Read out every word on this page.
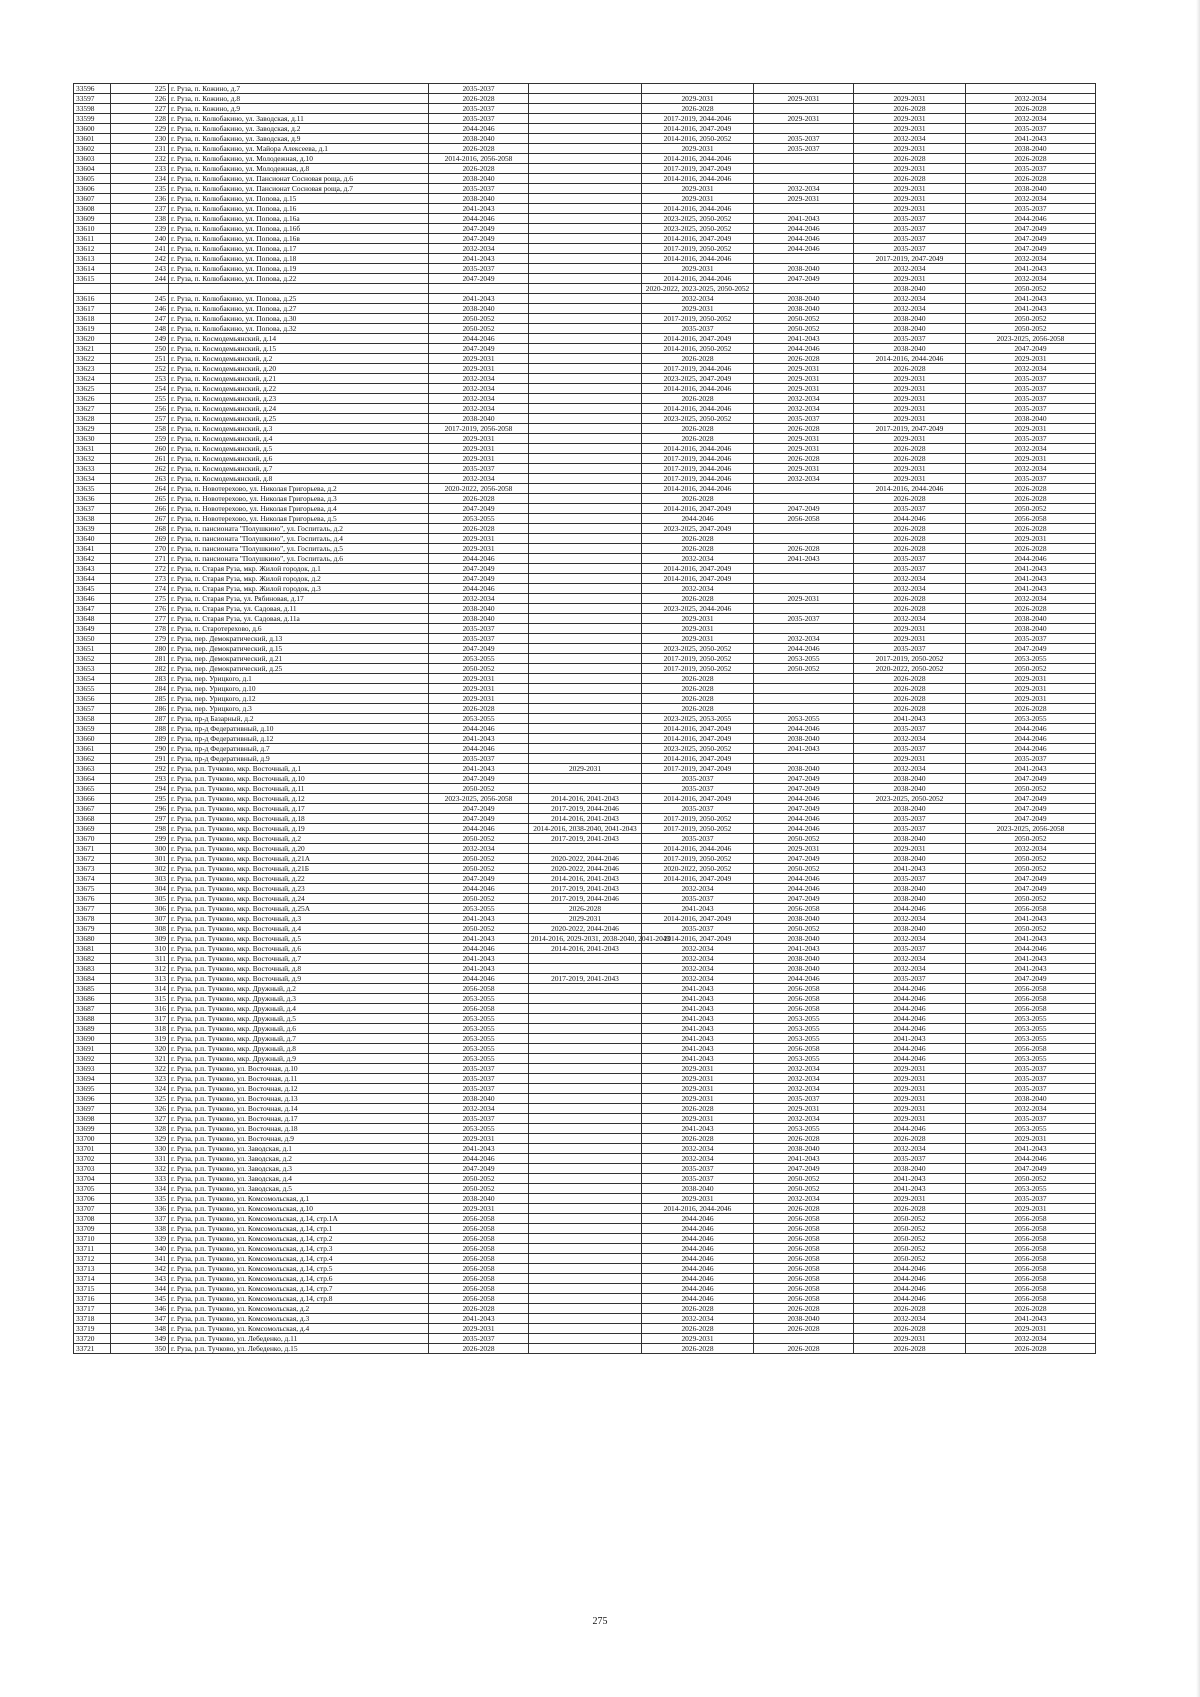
33596	225	г. Руза, п. Кожино, д.7	2035-2037					
33597	226	г. Руза, п. Кожино, д.8	2026-2028		2029-2031	2029-2031	2029-2031	2032-2034
33598	227	г. Руза, п. Кожино, д.9	2035-2037		2026-2028		2026-2028	2026-2028
33599	228	г. Руза, п. Колюбакино, ул. Заводская, д.11	2035-2037		2017-2019, 2044-2046	2029-2031	2029-2031	2032-2034
33600	229	г. Руза, п. Колюбакино, ул. Заводская, д.2	2044-2046		2014-2016, 2047-2049		2029-2031	2035-2037
33601	230	г. Руза, п. Колюбакино, ул. Заводская, д.9	2038-2040		2014-2016, 2050-2052	2035-2037	2032-2034	2041-2043
33602	231	г. Руза, п. Колюбакино, ул. Майора Алексеева, д.1	2026-2028		2029-2031	2035-2037	2029-2031	2038-2040
33603	232	г. Руза, п. Колюбакино, ул. Молодежная, д.10	2014-2016, 2056-2058		2014-2016, 2044-2046		2026-2028	2026-2028
33604	233	г. Руза, п. Колюбакино, ул. Молодежная, д.8	2026-2028		2017-2019, 2047-2049		2029-2031	2035-2037
33605	234	г. Руза, п. Колюбакино, ул. Пансионат Сосновая роща, д.6	2038-2040		2014-2016, 2044-2046		2026-2028	2026-2028
33606	235	г. Руза, п. Колюбакино, ул. Пансионат Сосновая роща, д.7	2035-2037		2029-2031	2032-2034	2029-2031	2038-2040
33607	236	г. Руза, п. Колюбакино, ул. Попова, д.15	2038-2040		2029-2031	2029-2031	2029-2031	2032-2034
33608	237	г. Руза, п. Колюбакино, ул. Попова, д.16	2041-2043		2014-2016, 2044-2046		2029-2031	2035-2037
33609	238	г. Руза, п. Колюбакино, ул. Попова, д.16а	2044-2046		2023-2025, 2050-2052	2041-2043	2035-2037	2044-2046
33610	239	г. Руза, п. Колюбакино, ул. Попова, д.16б	2047-2049		2023-2025, 2050-2052	2044-2046	2035-2037	2047-2049
33611	240	г. Руза, п. Колюбакино, ул. Попова, д.16в	2047-2049		2014-2016, 2047-2049	2044-2046	2035-2037	2047-2049
33612	241	г. Руза, п. Колюбакино, ул. Попова, д.17	2032-2034		2017-2019, 2050-2052	2044-2046	2035-2037	2047-2049
33613	242	г. Руза, п. Колюбакино, ул. Попова, д.18	2041-2043		2014-2016, 2044-2046		2017-2019, 2047-2049	2032-2034
33614	243	г. Руза, п. Колюбакино, ул. Попова, д.19	2035-2037		2029-2031	2038-2040	2032-2034	2041-2043
33615	244	г. Руза, п. Колюбакино, ул. Попова, д.22	2047-2049		2014-2016, 2044-2046	2047-2049	2029-2031	2032-2034
					2020-2022, 2023-2025, 2050-2052		2038-2040	2050-2052
33616	245	г. Руза, п. Колюбакино, ул. Попова, д.25	2041-2043		2032-2034	2038-2040	2032-2034	2041-2043
33617	246	г. Руза, п. Колюбакино, ул. Попова, д.27	2038-2040		2029-2031	2038-2040	2032-2034	2041-2043
33618	247	г. Руза, п. Колюбакино, ул. Попова, д.30	2050-2052		2017-2019, 2050-2052	2050-2052	2038-2040	2050-2052
33619	248	г. Руза, п. Колюбакино, ул. Попова, д.32	2050-2052		2035-2037	2050-2052	2038-2040	2050-2052
33620	249	г. Руза, п. Космодемьянский, д.14	2044-2046		2014-2016, 2047-2049	2041-2043	2035-2037	2023-2025, 2056-2058
33621	250	г. Руза, п. Космодемьянский, д.15	2047-2049		2014-2016, 2050-2052	2044-2046	2038-2040	2047-2049
33622	251	г. Руза, п. Космодемьянский, д.2	2029-2031		2026-2028	2026-2028	2014-2016, 2044-2046	2029-2031
33623	252	г. Руза, п. Космодемьянский, д.20	2029-2031		2017-2019, 2044-2046	2029-2031	2026-2028	2032-2034
33624	253	г. Руза, п. Космодемьянский, д.21	2032-2034		2023-2025, 2047-2049	2029-2031	2029-2031	2035-2037
33625	254	г. Руза, п. Космодемьянский, д.22	2032-2034		2014-2016, 2044-2046	2029-2031	2029-2031	2035-2037
33626	255	г. Руза, п. Космодемьянский, д.23	2032-2034		2026-2028	2032-2034	2029-2031	2035-2037
33627	256	г. Руза, п. Космодемьянский, д.24	2032-2034		2014-2016, 2044-2046	2032-2034	2029-2031	2035-2037
33628	257	г. Руза, п. Космодемьянский, д.25	2038-2040		2023-2025, 2050-2052	2035-2037	2029-2031	2038-2040
33629	258	г. Руза, п. Космодемьянский, д.3	2017-2019, 2056-2058		2026-2028	2026-2028	2017-2019, 2047-2049	2029-2031
33630	259	г. Руза, п. Космодемьянский, д.4	2029-2031		2026-2028	2029-2031	2029-2031	2035-2037
33631	260	г. Руза, п. Космодемьянский, д.5	2029-2031		2014-2016, 2044-2046	2029-2031	2026-2028	2032-2034
33632	261	г. Руза, п. Космодемьянский, д.6	2029-2031		2017-2019, 2044-2046	2026-2028	2026-2028	2029-2031
33633	262	г. Руза, п. Космодемьянский, д.7	2035-2037		2017-2019, 2044-2046	2029-2031	2029-2031	2032-2034
33634	263	г. Руза, п. Космодемьянский, д.8	2032-2034		2017-2019, 2044-2046	2032-2034	2029-2031	2035-2037
33635	264	г. Руза, п. Новотерехово, ул. Николая Григорьева, д.2	2020-2022, 2056-2058		2014-2016, 2044-2046		2014-2016, 2044-2046	2026-2028
33636	265	г. Руза, п. Новотерехово, ул. Николая Григорьева, д.3	2026-2028		2026-2028		2026-2028	2026-2028
33637	266	г. Руза, п. Новотерехово, ул. Николая Григорьева, д.4	2047-2049		2014-2016, 2047-2049	2047-2049	2035-2037	2050-2052
33638	267	г. Руза, п. Новотерехово, ул. Николая Григорьева, д.5	2053-2055		2044-2046	2056-2058	2044-2046	2056-2058
33639	268	г. Руза, п. пансионата "Полушкино", ул. Госпиталь, д.2	2026-2028		2023-2025, 2047-2049		2026-2028	2026-2028
33640	269	г. Руза, п. пансионата "Полушкино", ул. Госпиталь, д.4	2029-2031		2026-2028		2026-2028	2029-2031
33641	270	г. Руза, п. пансионата "Полушкино", ул. Госпиталь, д.5	2029-2031		2026-2028	2026-2028	2026-2028	2026-2028
33642	271	г. Руза, п. пансионата "Полушкино", ул. Госпиталь, д.6	2044-2046		2032-2034	2041-2043	2035-2037	2044-2046
33643	272	г. Руза, п. Старая Руза, мкр. Жилой городок, д.1	2047-2049		2014-2016, 2047-2049		2035-2037	2041-2043
33644	273	г. Руза, п. Старая Руза, мкр. Жилой городок, д.2	2047-2049		2014-2016, 2047-2049		2032-2034	2041-2043
33645	274	г. Руза, п. Старая Руза, мкр. Жилой городок, д.3	2044-2046		2032-2034		2032-2034	2041-2043
33646	275	г. Руза, п. Старая Руза, ул. Рябиновая, д.17	2032-2034		2026-2028	2029-2031	2026-2028	2032-2034
33647	276	г. Руза, п. Старая Руза, ул. Садовая, д.11	2038-2040		2023-2025, 2044-2046		2026-2028	2026-2028
33648	277	г. Руза, п. Старая Руза, ул. Садовая, д.11а	2038-2040		2029-2031	2035-2037	2032-2034	2038-2040
33649	278	г. Руза, п. Старотерехово, д.6	2035-2037		2029-2031		2029-2031	2038-2040
33650	279	г. Руза, пер. Демократический, д.13	2035-2037		2029-2031	2032-2034	2029-2031	2035-2037
33651	280	г. Руза, пер. Демократический, д.15	2047-2049		2023-2025, 2050-2052	2044-2046	2035-2037	2047-2049
33652	281	г. Руза, пер. Демократический, д.21	2053-2055		2017-2019, 2050-2052	2053-2055	2017-2019, 2050-2052	2053-2055
33653	282	г. Руза, пер. Демократический, д.25	2050-2052		2017-2019, 2050-2052	2050-2052	2020-2022, 2050-2052	2050-2052
33654	283	г. Руза, пер. Урицкого, д.1	2029-2031		2026-2028		2026-2028	2029-2031
33655	284	г. Руза, пер. Урицкого, д.10	2029-2031		2026-2028		2026-2028	2029-2031
33656	285	г. Руза, пер. Урицкого, д.12	2029-2031		2026-2028		2026-2028	2029-2031
33657	286	г. Руза, пер. Урицкого, д.3	2026-2028		2026-2028		2026-2028	2026-2028
33658	287	г. Руза, пр-д Базарный, д.2	2053-2055		2023-2025, 2053-2055	2053-2055	2041-2043	2053-2055
33659	288	г. Руза, пр-д Федеративный, д.10	2044-2046		2014-2016, 2047-2049	2044-2046	2035-2037	2044-2046
33660	289	г. Руза, пр-д Федеративный, д.12	2041-2043		2014-2016, 2047-2049	2038-2040	2032-2034	2044-2046
33661	290	г. Руза, пр-д Федеративный, д.7	2044-2046		2023-2025, 2050-2052	2041-2043	2035-2037	2044-2046
33662	291	г. Руза, пр-д Федеративный, д.9	2035-2037		2014-2016, 2047-2049		2029-2031	2035-2037
33663	292	г. Руза, р.п. Тучково, мкр. Восточный, д.1	2041-2043	2029-2031	2017-2019, 2047-2049	2038-2040	2032-2034	2041-2043
33664	293	г. Руза, р.п. Тучково, мкр. Восточный, д.10	2047-2049		2035-2037	2047-2049	2038-2040	2047-2049
33665	294	г. Руза, р.п. Тучково, мкр. Восточный, д.11	2050-2052		2035-2037	2047-2049	2038-2040	2050-2052
33666	295	г. Руза, р.п. Тучково, мкр. Восточный, д.12	2023-2025, 2056-2058	2014-2016, 2041-2043	2014-2016, 2047-2049	2044-2046	2023-2025, 2050-2052	2047-2049
33667	296	г. Руза, р.п. Тучково, мкр. Восточный, д.17	2047-2049	2017-2019, 2044-2046	2035-2037	2047-2049	2038-2040	2047-2049
33668	297	г. Руза, р.п. Тучково, мкр. Восточный, д.18	2047-2049	2014-2016, 2041-2043	2017-2019, 2050-2052	2044-2046	2035-2037	2047-2049
33669	298	г. Руза, р.п. Тучково, мкр. Восточный, д.19	2044-2046	2014-2016, 2038-2040, 2041-2043	2017-2019, 2050-2052	2044-2046	2035-2037	2023-2025, 2056-2058
33670	299	г. Руза, р.п. Тучково, мкр. Восточный, д.2	2050-2052	2017-2019, 2041-2043	2035-2037	2050-2052	2038-2040	2050-2052
33671	300	г. Руза, р.п. Тучково, мкр. Восточный, д.20	2032-2034		2014-2016, 2044-2046	2029-2031	2029-2031	2032-2034
33672	301	г. Руза, р.п. Тучково, мкр. Восточный, д.21А	2050-2052	2020-2022, 2044-2046	2017-2019, 2050-2052	2047-2049	2038-2040	2050-2052
33673	302	г. Руза, р.п. Тучково, мкр. Восточный, д.21Б	2050-2052	2020-2022, 2044-2046	2020-2022, 2050-2052	2050-2052	2041-2043	2050-2052
33674	303	г. Руза, р.п. Тучково, мкр. Восточный, д.22	2047-2049	2014-2016, 2041-2043	2014-2016, 2047-2049	2044-2046	2035-2037	2047-2049
33675	304	г. Руза, р.п. Тучково, мкр. Восточный, д.23	2044-2046	2017-2019, 2041-2043	2032-2034	2044-2046	2038-2040	2047-2049
33676	305	г. Руза, р.п. Тучково, мкр. Восточный, д.24	2050-2052	2017-2019, 2044-2046	2035-2037	2047-2049	2038-2040	2050-2052
33677	306	г. Руза, р.п. Тучково, мкр. Восточный, д.25А	2053-2055	2026-2028	2041-2043	2056-2058	2044-2046	2056-2058
33678	307	г. Руза, р.п. Тучково, мкр. Восточный, д.3	2041-2043	2029-2031	2014-2016, 2047-2049	2038-2040	2032-2034	2041-2043
33679	308	г. Руза, р.п. Тучково, мкр. Восточный, д.4	2050-2052	2020-2022, 2044-2046	2035-2037	2050-2052	2038-2040	2050-2052
33680	309	г. Руза, р.п. Тучково, мкр. Восточный, д.5	2041-2043	2014-2016, 2029-2031, 2038-2040, 2041-2043	2014-2016, 2047-2049	2038-2040	2032-2034	2041-2043
33681	310	г. Руза, р.п. Тучково, мкр. Восточный, д.6	2044-2046	2014-2016, 2041-2043	2032-2034	2041-2043	2035-2037	2044-2046
33682	311	г. Руза, р.п. Тучково, мкр. Восточный, д.7	2041-2043		2032-2034	2038-2040	2032-2034	2041-2043
33683	312	г. Руза, р.п. Тучково, мкр. Восточный, д.8	2041-2043		2032-2034	2038-2040	2032-2034	2041-2043
33684	313	г. Руза, р.п. Тучково, мкр. Восточный, д.9	2044-2046	2017-2019, 2041-2043	2032-2034	2044-2046	2035-2037	2047-2049
33685	314	г. Руза, р.п. Тучково, мкр. Дружный, д.2	2056-2058		2041-2043	2056-2058	2044-2046	2056-2058
33686	315	г. Руза, р.п. Тучково, мкр. Дружный, д.3	2053-2055		2041-2043	2056-2058	2044-2046	2056-2058
33687	316	г. Руза, р.п. Тучково, мкр. Дружный, д.4	2056-2058		2041-2043	2056-2058	2044-2046	2056-2058
33688	317	г. Руза, р.п. Тучково, мкр. Дружный, д.5	2053-2055		2041-2043	2053-2055	2044-2046	2053-2055
33689	318	г. Руза, р.п. Тучково, мкр. Дружный, д.6	2053-2055		2041-2043	2053-2055	2044-2046	2053-2055
33690	319	г. Руза, р.п. Тучково, мкр. Дружный, д.7	2053-2055		2041-2043	2053-2055	2041-2043	2053-2055
33691	320	г. Руза, р.п. Тучково, мкр. Дружный, д.8	2053-2055		2041-2043	2056-2058	2044-2046	2056-2058
33692	321	г. Руза, р.п. Тучково, мкр. Дружный, д.9	2053-2055		2041-2043	2053-2055	2044-2046	2053-2055
33693	322	г. Руза, р.п. Тучково, ул. Восточная, д.10	2035-2037		2029-2031	2032-2034	2029-2031	2035-2037
33694	323	г. Руза, р.п. Тучково, ул. Восточная, д.11	2035-2037		2029-2031	2032-2034	2029-2031	2035-2037
33695	324	г. Руза, р.п. Тучково, ул. Восточная, д.12	2035-2037		2029-2031	2032-2034	2029-2031	2035-2037
33696	325	г. Руза, р.п. Тучково, ул. Восточная, д.13	2038-2040		2029-2031	2035-2037	2029-2031	2038-2040
33697	326	г. Руза, р.п. Тучково, ул. Восточная, д.14	2032-2034		2026-2028	2029-2031	2029-2031	2032-2034
33698	327	г. Руза, р.п. Тучково, ул. Восточная, д.17	2035-2037		2029-2031	2032-2034	2029-2031	2035-2037
33699	328	г. Руза, р.п. Тучково, ул. Восточная, д.18	2053-2055		2041-2043	2053-2055	2044-2046	2053-2055
33700	329	г. Руза, р.п. Тучково, ул. Восточная, д.9	2029-2031		2026-2028	2026-2028	2026-2028	2029-2031
33701	330	г. Руза, р.п. Тучково, ул. Заводская, д.1	2041-2043		2032-2034	2038-2040	2032-2034	2041-2043
33702	331	г. Руза, р.п. Тучково, ул. Заводская, д.2	2044-2046		2032-2034	2041-2043	2035-2037	2044-2046
33703	332	г. Руза, р.п. Тучково, ул. Заводская, д.3	2047-2049		2035-2037	2047-2049	2038-2040	2047-2049
33704	333	г. Руза, р.п. Тучково, ул. Заводская, д.4	2050-2052		2035-2037	2050-2052	2041-2043	2050-2052
33705	334	г. Руза, р.п. Тучково, ул. Заводская, д.5	2050-2052		2038-2040	2050-2052	2041-2043	2053-2055
33706	335	г. Руза, р.п. Тучково, ул. Комсомольская, д.1	2038-2040		2029-2031	2032-2034	2029-2031	2035-2037
33707	336	г. Руза, р.п. Тучково, ул. Комсомольская, д.10	2029-2031		2014-2016, 2044-2046	2026-2028	2026-2028	2029-2031
33708	337	г. Руза, р.п. Тучково, ул. Комсомольская, д.14, стр.1А	2056-2058		2044-2046	2056-2058	2050-2052	2056-2058
33709	338	г. Руза, р.п. Тучково, ул. Комсомольская, д.14, стр.1	2056-2058		2044-2046	2056-2058	2050-2052	2056-2058
33710	339	г. Руза, р.п. Тучково, ул. Комсомольская, д.14, стр.2	2056-2058		2044-2046	2056-2058	2050-2052	2056-2058
33711	340	г. Руза, р.п. Тучково, ул. Комсомольская, д.14, стр.3	2056-2058		2044-2046	2056-2058	2050-2052	2056-2058
33712	341	г. Руза, р.п. Тучково, ул. Комсомольская, д.14, стр.4	2056-2058		2044-2046	2056-2058	2050-2052	2056-2058
33713	342	г. Руза, р.п. Тучково, ул. Комсомольская, д.14, стр.5	2056-2058		2044-2046	2056-2058	2044-2046	2056-2058
33714	343	г. Руза, р.п. Тучково, ул. Комсомольская, д.14, стр.6	2056-2058		2044-2046	2056-2058	2044-2046	2056-2058
33715	344	г. Руза, р.п. Тучково, ул. Комсомольская, д.14, стр.7	2056-2058		2044-2046	2056-2058	2044-2046	2056-2058
33716	345	г. Руза, р.п. Тучково, ул. Комсомольская, д.14, стр.8	2056-2058		2044-2046	2056-2058	2044-2046	2056-2058
33717	346	г. Руза, р.п. Тучково, ул. Комсомольская, д.2	2026-2028		2026-2028	2026-2028	2026-2028	2026-2028
33718	347	г. Руза, р.п. Тучково, ул. Комсомольская, д.3	2041-2043		2032-2034	2038-2040	2032-2034	2041-2043
33719	348	г. Руза, р.п. Тучково, ул. Комсомольская, д.4	2029-2031		2026-2028	2026-2028	2026-2028	2029-2031
33720	349	г. Руза, р.п. Тучково, ул. Лебеденко, д.11	2035-2037		2029-2031		2029-2031	2032-2034
33721	350	г. Руза, р.п. Тучково, ул. Лебеденко, д.15	2026-2028		2026-2028	2026-2028	2026-2028	2026-2028
275
